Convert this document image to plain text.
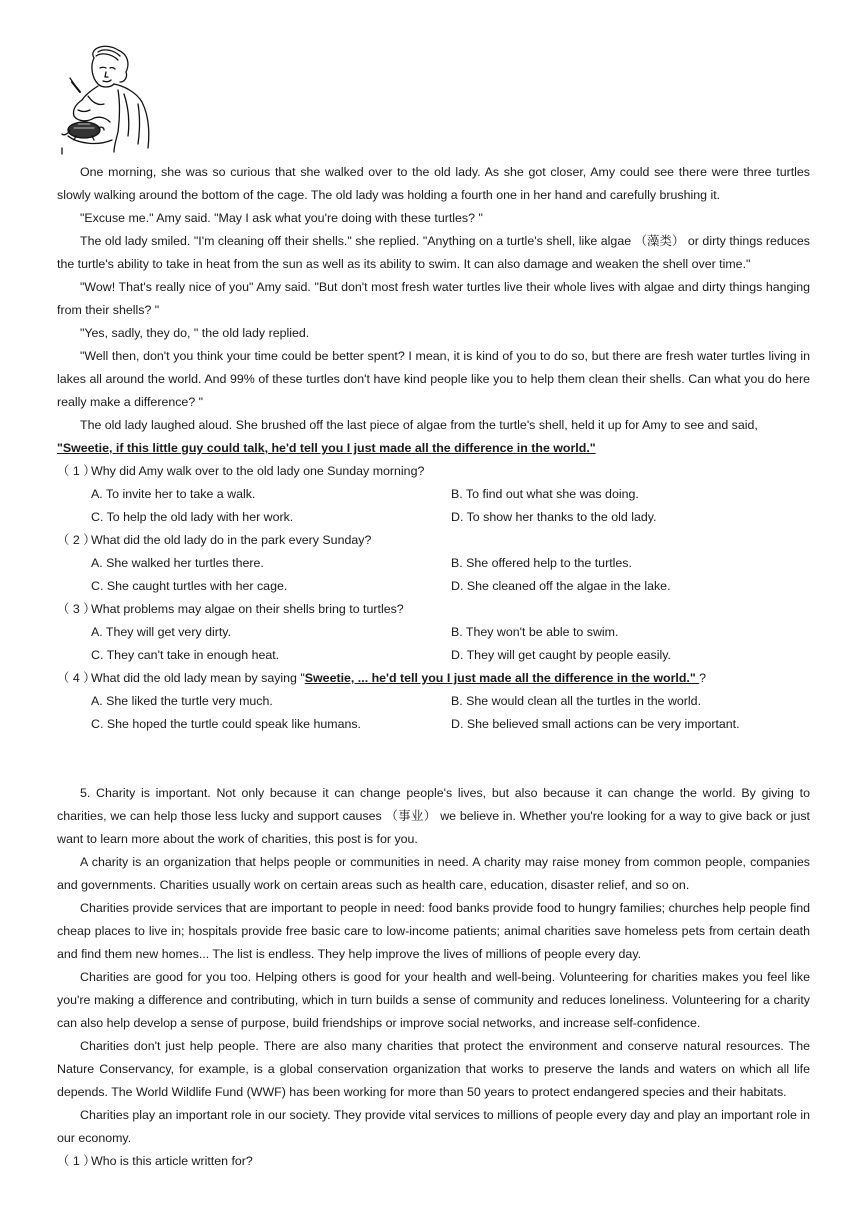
One morning, she was so curious that she walked over to the old lady. As she got closer, Amy could see there were three turtles slowly walking around the bottom of the cage. The old lady was holding a fourth one in her hand and carefully brushing it.

"Excuse me." Amy said. "May I ask what you're doing with these turtles? "

The old lady smiled. "I'm cleaning off their shells." she replied. "Anything on a turtle's shell, like algae （藻类） or dirty things reduces the turtle's ability to take in heat from the sun as well as its ability to swim. It can also damage and weaken the shell over time."

"Wow! That's really nice of you" Amy said. "But don't most fresh water turtles live their whole lives with algae and dirty things hanging from their shells? "

"Yes, sadly, they do, " the old lady replied.

"Well then, don't you think your time could be better spent? I mean, it is kind of you to do so, but there are fresh water turtles living in lakes all around the world. And 99% of these turtles don't have kind people like you to help them clean their shells. Can what you do here really make a difference? "

The old lady laughed aloud. She brushed off the last piece of algae from the turtle's shell, held it up for Amy to see and said,

"Sweetie, if this little guy could talk, he'd tell you I just made all the difference in the world."

（ 1 ）
Why did Amy walk over to the old lady one Sunday morning?
A. To invite her to take a walk.	B. To find out what she was doing.
C. To help the old lady with her work.	D. To show her thanks to the old lady.
（ 2 ）
What did the old lady do in the park every Sunday?
A. She walked her turtles there.	B. She offered help to the turtles.
C. She caught turtles with her cage.	D. She cleaned off the algae in the lake.
（ 3 ）
What problems may algae on their shells bring to turtles?
A. They will get very dirty.	B. They won't be able to swim.
C. They can't take in enough heat.	D. They will get caught by people easily.
（ 4 ）
What did the old lady mean by saying "Sweetie, ... he'd tell you I just made all the difference in the world." ?
A. She liked the turtle very much.	B. She would clean all the turtles in the world.
C. She hoped the turtle could speak like humans.	D. She believed small actions can be very important.

5. Charity is important. Not only because it can change people's lives, but also because it can change the world. By giving to charities, we can help those less lucky and support causes （事业） we believe in. Whether you're looking for a way to give back or just want to learn more about the work of charities, this post is for you.

A charity is an organization that helps people or communities in need. A charity may raise money from common people, companies and governments. Charities usually work on certain areas such as health care, education, disaster relief, and so on.

Charities provide services that are important to people in need: food banks provide food to hungry families; churches help people find cheap places to live in; hospitals provide free basic care to low-income patients; animal charities save homeless pets from certain death and find them new homes... The list is endless. They help improve the lives of millions of people every day.

Charities are good for you too. Helping others is good for your health and well-being. Volunteering for charities makes you feel like you're making a difference and contributing, which in turn builds a sense of community and reduces loneliness. Volunteering for a charity can also help develop a sense of purpose, build friendships or improve social networks, and increase self-confidence.

Charities don't just help people. There are also many charities that protect the environment and conserve natural resources. The Nature Conservancy, for example, is a global conservation organization that works to preserve the lands and waters on which all life depends. The World Wildlife Fund (WWF) has been working for more than 50 years to protect endangered species and their habitats.

Charities play an important role in our society. They provide vital services to millions of people every day and play an important role in our economy.

（ 1 ）
Who is this article written for?
